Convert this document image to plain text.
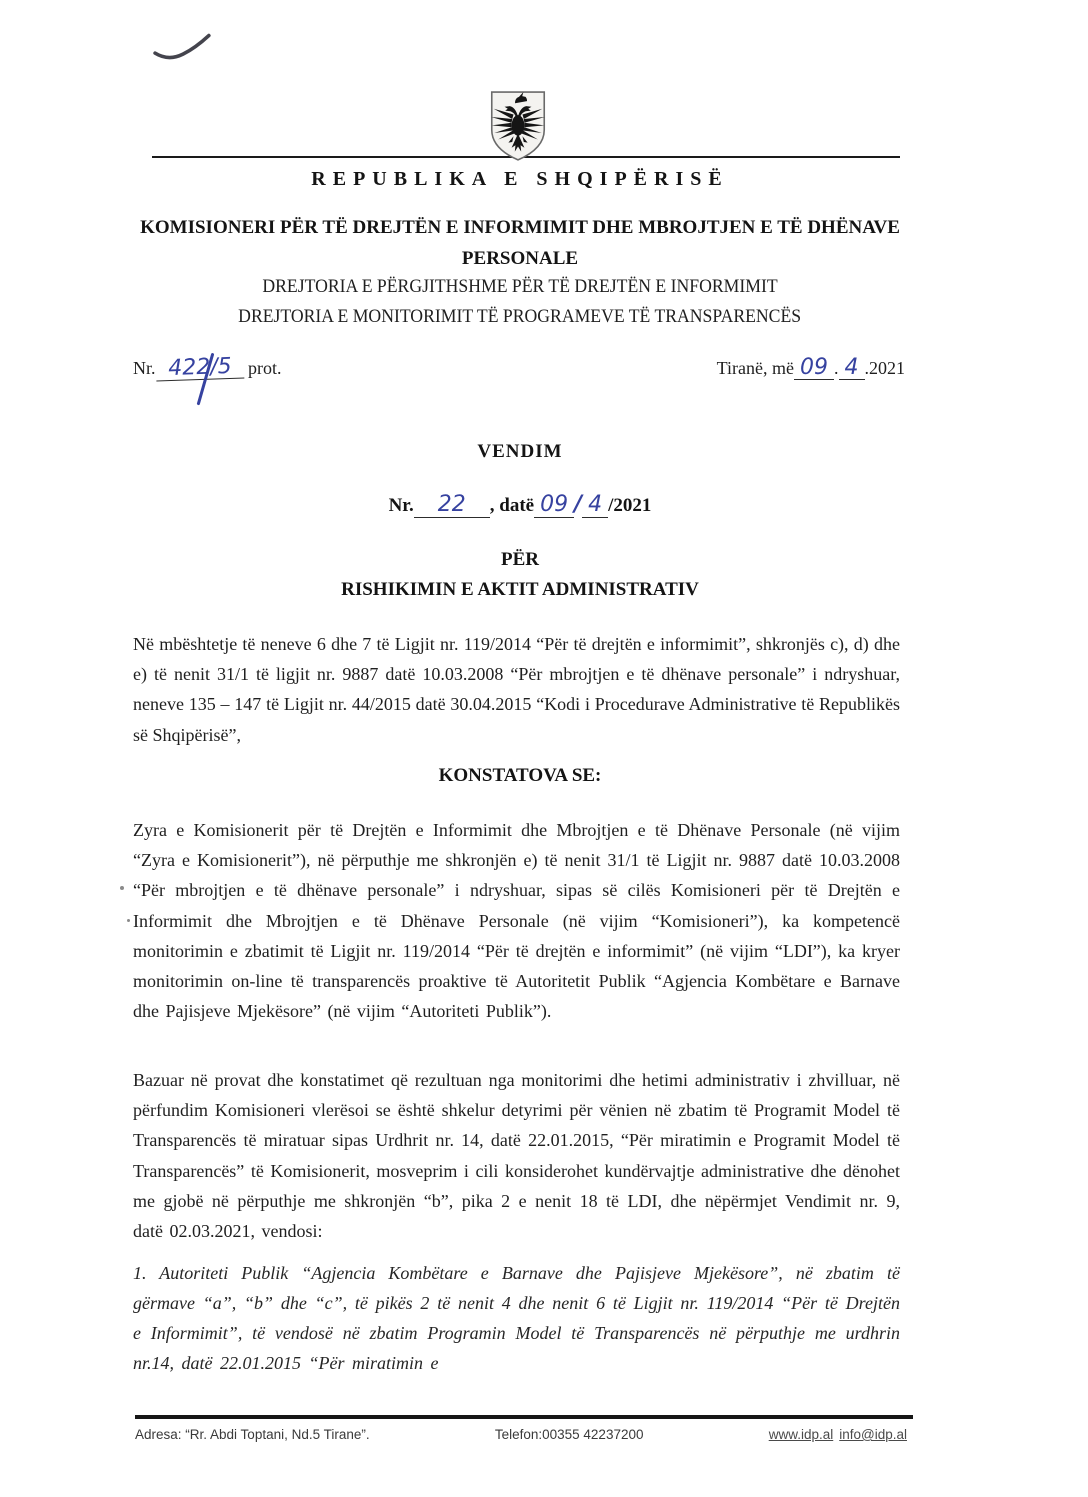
REPUBLIKA E SHQIPËRISË
KOMISIONERI PËR TË DREJTËN E INFORMIMIT DHE MBROJTJEN E TË DHËNAVE PERSONALE
DREJTORIA E PËRGJITHSHME PËR TË DREJTËN E INFORMIMIT
DREJTORIA E MONITORIMIT TË PROGRAMEVE TË TRANSPARENCËS
Nr. 422/5 prot.	Tiranë, më 09 . 4 .2021
VENDIM
Nr. 22 , datë 09 / 4 /2021
PËR
RISHIKIMIN E AKTIT ADMINISTRATIV
Në mbështetje të neneve 6 dhe 7 të Ligjit nr. 119/2014 “Për të drejtën e informimit”, shkronjës c), d) dhe e) të nenit 31/1 të ligjit nr. 9887 datë 10.03.2008 “Për mbrojtjen e të dhënave personale” i ndryshuar, neneve 135 – 147 të Ligjit nr. 44/2015 datë 30.04.2015 “Kodi i Procedurave Administrative të Republikës së Shqipërisë”,
KONSTATOVA SE:
Zyra e Komisionerit për të Drejtën e Informimit dhe Mbrojtjen e të Dhënave Personale (në vijim “Zyra e Komisionerit”), në përputhje me shkronjën e) të nenit 31/1 të Ligjit nr. 9887 datë 10.03.2008 “Për mbrojtjen e të dhënave personale” i ndryshuar, sipas së cilës Komisioneri për të Drejtën e Informimit dhe Mbrojtjen e të Dhënave Personale (në vijim “Komisioneri”), ka kompetencë monitorimin e zbatimit të Ligjit nr. 119/2014 “Për të drejtën e informimit” (në vijim “LDI”), ka kryer monitorimin on-line të transparencës proaktive të Autoritetit Publik “Agjencia Kombëtare e Barnave dhe Pajisjeve Mjekësore” (në vijim “Autoriteti Publik”).
Bazuar në provat dhe konstatimet që rezultuan nga monitorimi dhe hetimi administrativ i zhvilluar, në përfundim Komisioneri vlerësoi se është shkelur detyrimi për vënien në zbatim të Programit Model të Transparencës të miratuar sipas Urdhrit nr. 14, datë 22.01.2015, “Për miratimin e Programit Model të Transparencës” të Komisionerit, mosveprim i cili konsiderohet kundërvajtje administrative dhe dënohet me gjobë në përputhje me shkronjën “b”, pika 2 e nenit 18 të LDI, dhe nëpërmjet Vendimit nr. 9, datë 02.03.2021, vendosi:
1. Autoriteti Publik “Agjencia Kombëtare e Barnave dhe Pajisjeve Mjekësore”, në zbatim të gërmave “a”, “b” dhe “c”, të pikës 2 të nenit 4 dhe nenit 6 të Ligjit nr. 119/2014 “Për të Drejtën e Informimit”, të vendosë në zbatim Programin Model të Transparencës në përputhje me urdhrin nr.14, datë 22.01.2015 “Për miratimin e
Adresa: “Rr. Abdi Toptani, Nd.5 Tirane”.	Telefon:00355 42237200	www.idp.al info@idp.al
